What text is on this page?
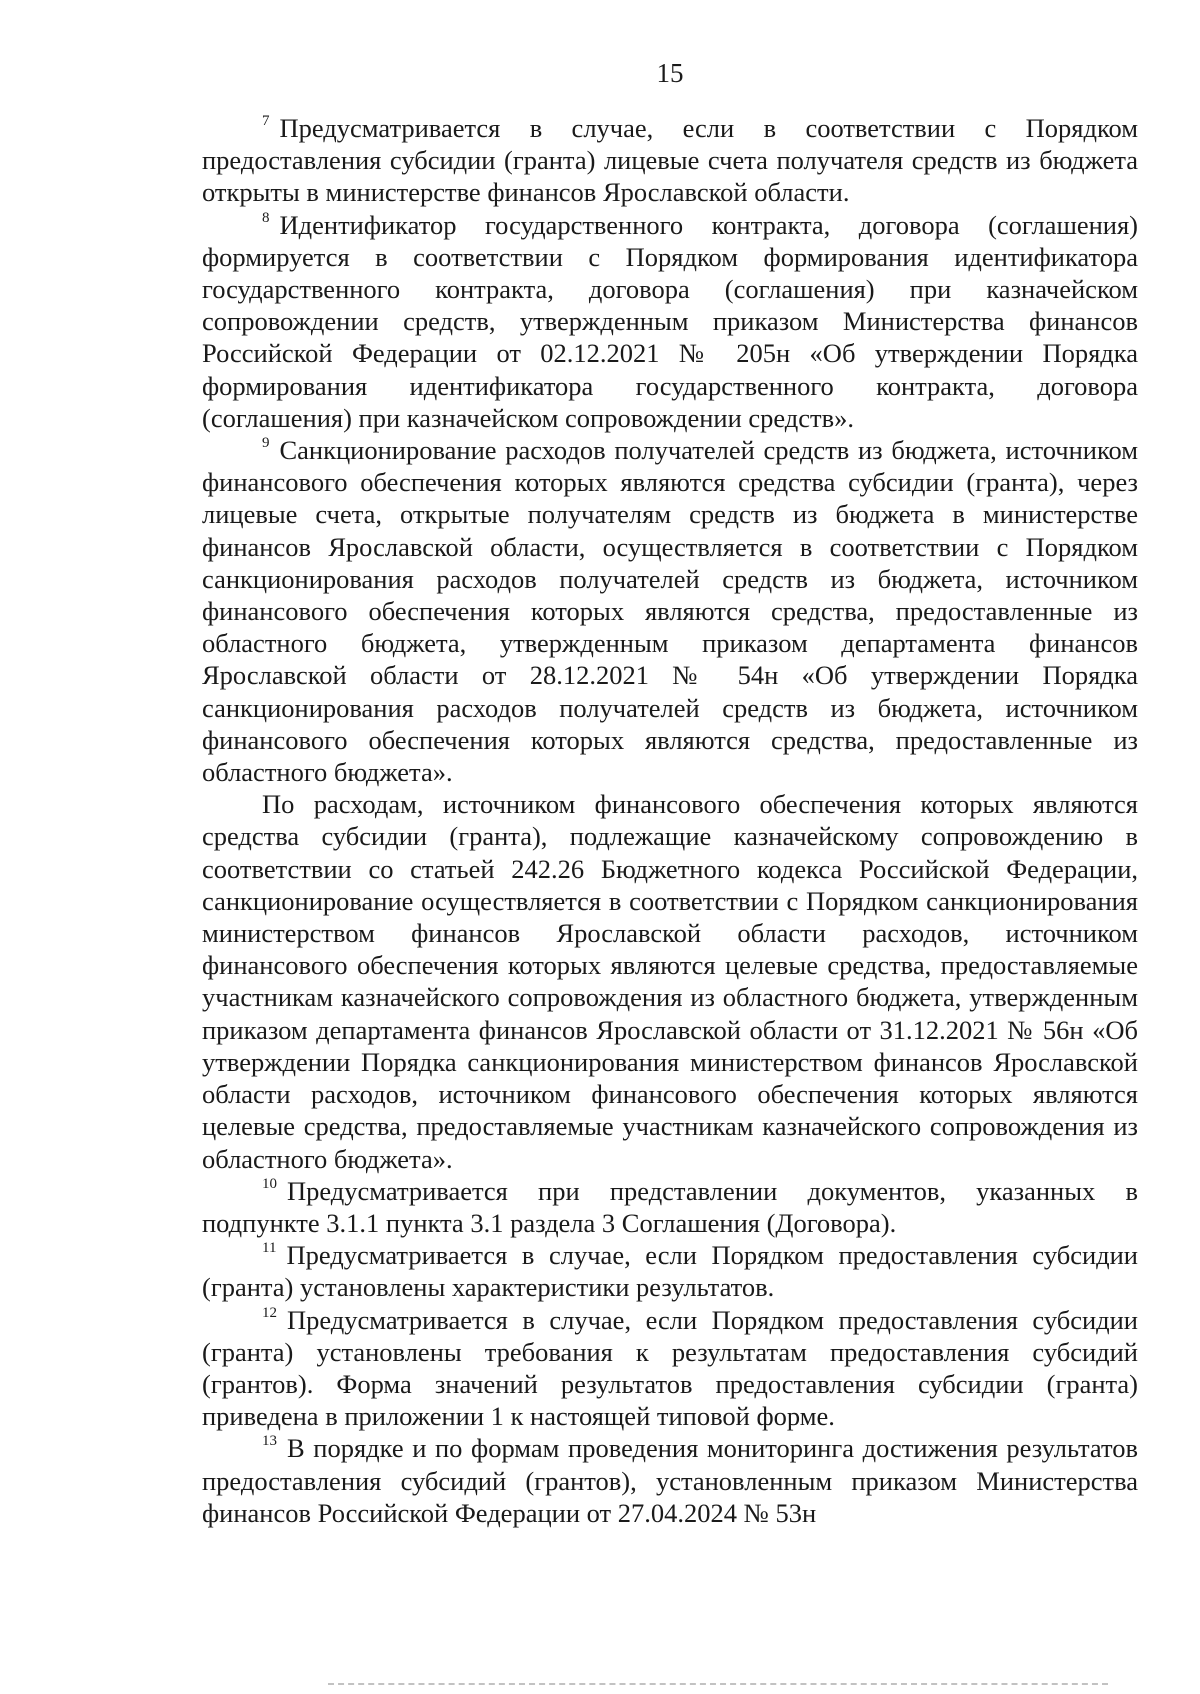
15

$^7$ Предусматривается в случае, если в соответствии с Порядком предоставления субсидии (гранта) лицевые счета получателя средств из бюджета открыты в министерстве финансов Ярославской области.

$^8$ Идентификатор государственного контракта, договора (соглашения) формируется в соответствии с Порядком формирования идентификатора государственного контракта, договора (соглашения) при казначейском сопровождении средств, утвержденным приказом Министерства финансов Российской Федерации от 02.12.2021 № 205н «Об утверждении Порядка формирования идентификатора государственного контракта, договора (соглашения) при казначейском сопровождении средств».

$^9$ Санкционирование расходов получателей средств из бюджета, источником финансового обеспечения которых являются средства субсидии (гранта), через лицевые счета, открытые получателям средств из бюджета в министерстве финансов Ярославской области, осуществляется в соответствии с Порядком санкционирования расходов получателей средств из бюджета, источником финансового обеспечения которых являются средства, предоставленные из областного бюджета, утвержденным приказом департамента финансов Ярославской области от 28.12.2021 № 54н «Об утверждении Порядка санкционирования расходов получателей средств из бюджета, источником финансового обеспечения которых являются средства, предоставленные из областного бюджета».

По расходам, источником финансового обеспечения которых являются средства субсидии (гранта), подлежащие казначейскому сопровождению в соответствии со статьей 242.26 Бюджетного кодекса Российской Федерации, санкционирование осуществляется в соответствии с Порядком санкционирования министерством финансов Ярославской области расходов, источником финансового обеспечения которых являются целевые средства, предоставляемые участникам казначейского сопровождения из областного бюджета, утвержденным приказом департамента финансов Ярославской области от 31.12.2021 № 56н «Об утверждении Порядка санкционирования министерством финансов Ярославской области расходов, источником финансового обеспечения которых являются целевые средства, предоставляемые участникам казначейского сопровождения из областного бюджета».

$^{10}$ Предусматривается при представлении документов, указанных в подпункте 3.1.1 пункта 3.1 раздела 3 Соглашения (Договора).

$^{11}$ Предусматривается в случае, если Порядком предоставления субсидии (гранта) установлены характеристики результатов.

$^{12}$ Предусматривается в случае, если Порядком предоставления субсидии (гранта) установлены требования к результатам предоставления субсидий (грантов). Форма значений результатов предоставления субсидии (гранта) приведена в приложении 1 к настоящей типовой форме.

$^{13}$ В порядке и по формам проведения мониторинга достижения результатов предоставления субсидий (грантов), установленным приказом Министерства финансов Российской Федерации от 27.04.2024 № 53н
